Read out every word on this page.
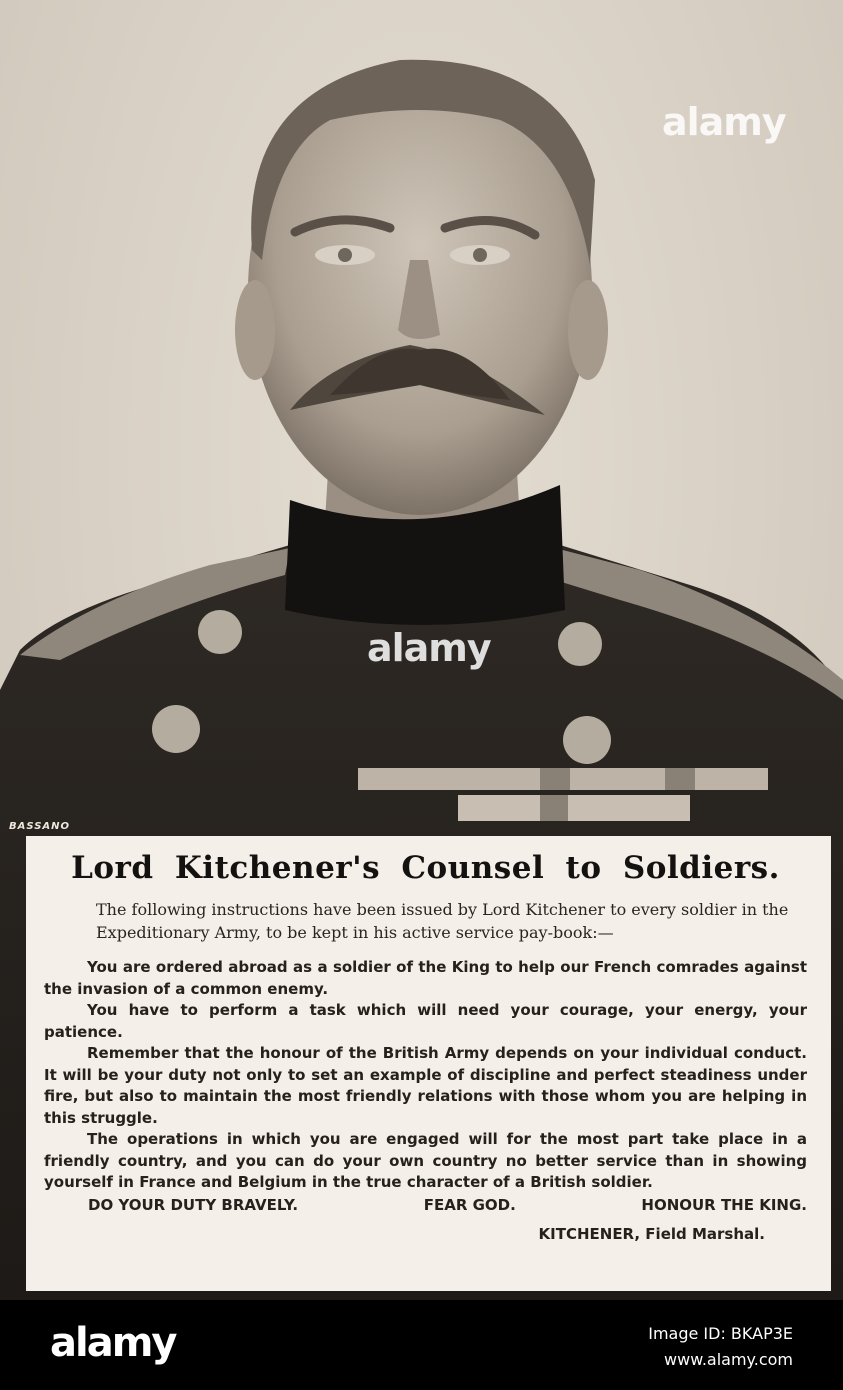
alamy
alamy
BASSANO
Lord Kitchener's Counsel to Soldiers.
The following instructions have been issued by Lord Kitchener to every soldier in the Expeditionary Army, to be kept in his active service pay-book:—

You are ordered abroad as a soldier of the King to help our French comrades against the invasion of a common enemy.

You have to perform a task which will need your courage, your energy, your patience.

Remember that the honour of the British Army depends on your individual conduct. It will be your duty not only to set an example of discipline and perfect steadiness under fire, but also to maintain the most friendly relations with those whom you are helping in this struggle.

The operations in which you are engaged will for the most part take place in a friendly country, and you can do your own country no better service than in showing yourself in France and Belgium in the true character of a British soldier.

DO YOUR DUTY BRAVELY.	FEAR GOD.	HONOUR THE KING.
KITCHENER, Field Marshal.
alamy	Image ID: BKAP3E
www.alamy.com
